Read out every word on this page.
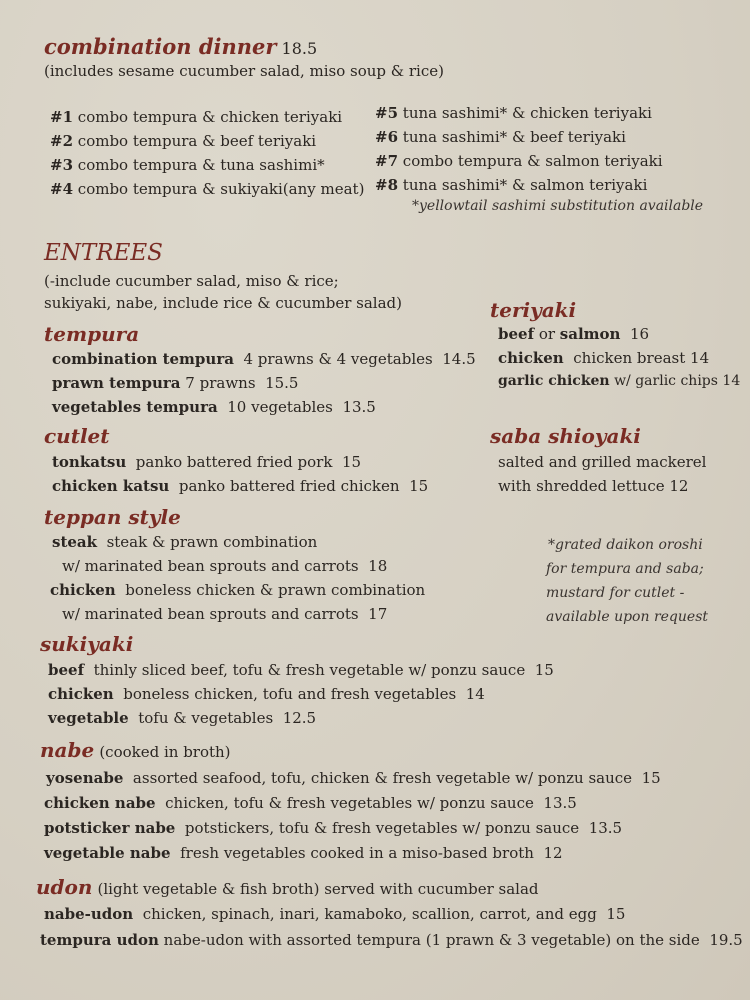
combination dinner 18.5
(includes sesame cucumber salad, miso soup & rice)
#1 combo tempura & chicken teriyaki
#2 combo tempura & beef teriyaki
#3 combo tempura & tuna sashimi*
#4 combo tempura & sukiyaki(any meat)
#5 tuna sashimi* & chicken teriyaki
#6 tuna sashimi* & beef teriyaki
#7 combo tempura & salmon teriyaki
#8 tuna sashimi* & salmon teriyaki
*yellowtail sashimi substitution available
ENTREES
(-include cucumber salad, miso & rice;
sukiyaki, nabe, include rice & cucumber salad)
tempura
combination tempura 4 prawns & 4 vegetables 14.5
prawn tempura 7 prawns 15.5
vegetables tempura 10 vegetables 13.5
teriyaki
beef or salmon 16
chicken chicken breast 14
garlic chicken w/ garlic chips 14
cutlet
tonkatsu panko battered fried pork 15
chicken katsu panko battered fried chicken 15
saba shioyaki
salted and grilled mackerel
with shredded lettuce 12
teppan style
steak steak & prawn combination
w/ marinated bean sprouts and carrots 18
chicken boneless chicken & prawn combination
w/ marinated bean sprouts and carrots 17
*grated daikon oroshi
for tempura and saba;
mustard for cutlet -
available upon request
sukiyaki
beef thinly sliced beef, tofu & fresh vegetable w/ ponzu sauce 15
chicken boneless chicken, tofu and fresh vegetables 14
vegetable tofu & vegetables 12.5
nabe (cooked in broth)
yosenabe assorted seafood, tofu, chicken & fresh vegetable w/ ponzu sauce 15
chicken nabe chicken, tofu & fresh vegetables w/ ponzu sauce 13.5
potsticker nabe potstickers, tofu & fresh vegetables w/ ponzu sauce 13.5
vegetable nabe fresh vegetables cooked in a miso-based broth 12
udon (light vegetable & fish broth) served with cucumber salad
nabe-udon chicken, spinach, inari, kamaboko, scallion, carrot, and egg 15
tempura udon nabe-udon with assorted tempura (1 prawn & 3 vegetable) on the side 19.5
